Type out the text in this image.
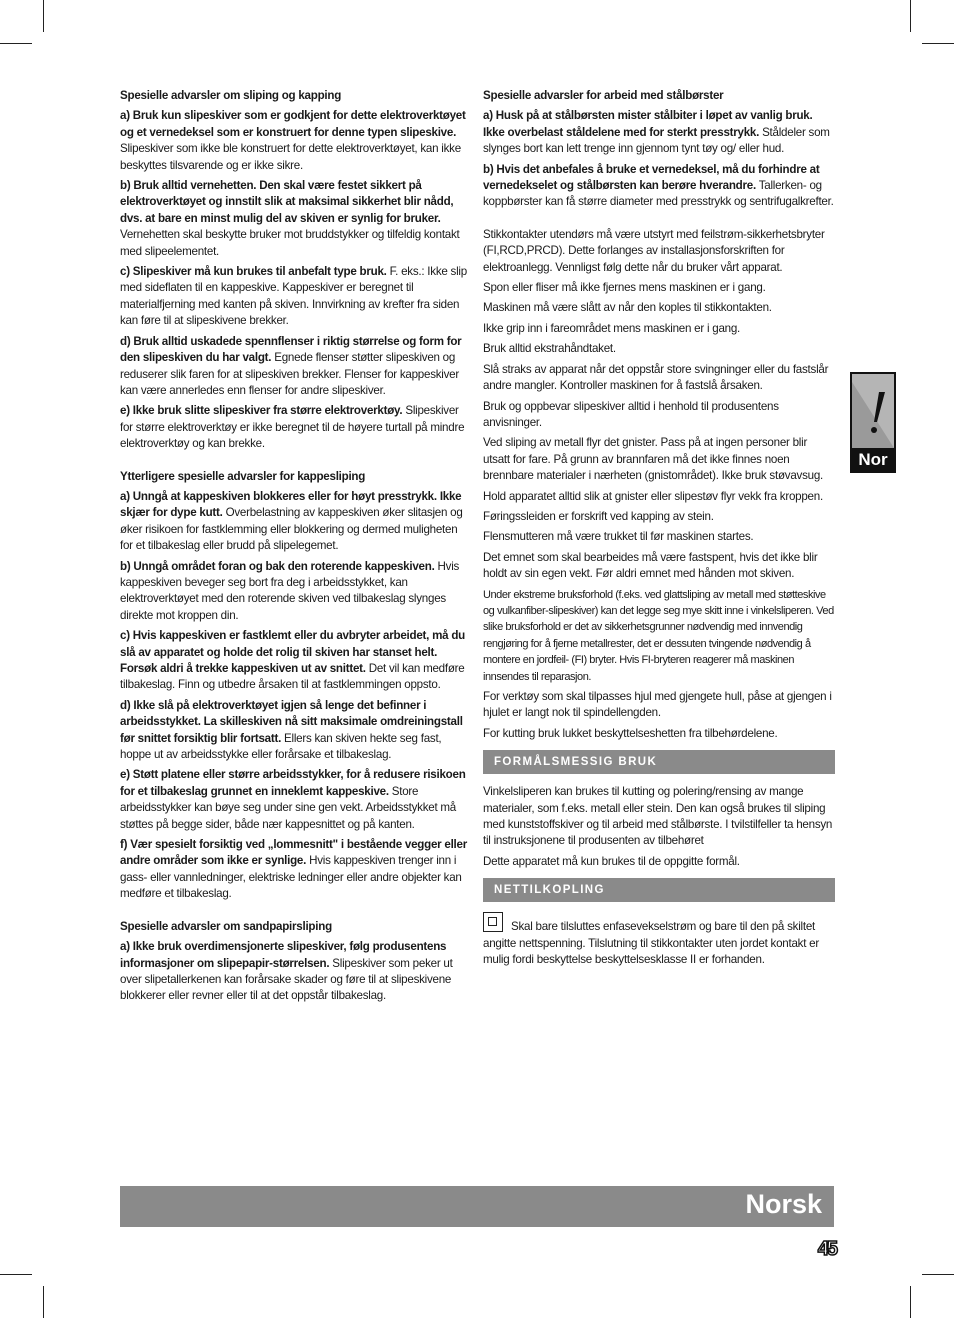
Spesielle advarsler om sliping og kapping

a) Bruk kun slipeskiver som er godkjent for dette elektroverktøyet og et vernedeksel som er konstruert for denne typen slipeskive. Slipeskiver som ikke ble konstruert for dette elektroverktøyet, kan ikke beskyttes tilsvarende og er ikke sikre.

b) Bruk alltid vernehetten. Den skal være festet sikkert på elektroverktøyet og innstilt slik at maksimal sikkerhet blir nådd, dvs. at bare en minst mulig del av skiven er synlig for bruker. Vernehetten skal beskytte bruker mot bruddstykker og tilfeldig kontakt med slipeelementet.

c) Slipeskiver må kun brukes til anbefalt type bruk. F. eks.: Ikke slip med sideflaten til en kappeskive. Kappeskiver er beregnet til materialfjerning med kanten på skiven. Innvirkning av krefter fra siden kan føre til at slipeskivene brekker.

d) Bruk alltid uskadede spennflenser i riktig størrelse og form for den slipeskiven du har valgt. Egnede flenser støtter slipeskiven og reduserer slik faren for at slipeskiven brekker. Flenser for kappeskiver kan være annerledes enn flenser for andre slipeskiver.

e) Ikke bruk slitte slipeskiver fra større elektroverktøy. Slipeskiver for større elektroverktøy er ikke beregnet til de høyere turtall på mindre elektroverktøy og kan brekke.

Ytterligere spesielle advarsler for kappesliping

a) Unngå at kappeskiven blokkeres eller for høyt presstrykk. Ikke skjær for dype kutt. Overbelastning av kappeskiven øker slitasjen og øker risikoen for fastklemming eller blokkering og dermed muligheten for et tilbakeslag eller brudd på slipelegemet.

b) Unngå området foran og bak den roterende kappeskiven. Hvis kappeskiven beveger seg bort fra deg i arbeidsstykket, kan elektroverktøyet med den roterende skiven ved tilbakeslag slynges direkte mot kroppen din.

c) Hvis kappeskiven er fastklemt eller du avbryter arbeidet, må du slå av apparatet og holde det rolig til skiven har stanset helt. Forsøk aldri å trekke kappeskiven ut av snittet. Det vil kan medføre tilbakeslag. Finn og utbedre årsaken til at fastklemmingen oppsto.

d) Ikke slå på elektroverktøyet igjen så lenge det befinner i arbeidsstykket. La skilleskiven nå sitt maksimale omdreiningstall før snittet forsiktig blir fortsatt. Ellers kan skiven hekte seg fast, hoppe ut av arbeidsstykke eller forårsake et tilbakeslag.

e) Støtt platene eller større arbeidsstykker, for å redusere risikoen for et tilbakeslag grunnet en inneklemt kappeskive. Store arbeidsstykker kan bøye seg under sine gen vekt. Arbeidsstykket må støttes på begge sider, både nær kappesnittet og på kanten.

f) Vær spesielt forsiktig ved „lommesnitt" i bestående vegger eller andre områder som ikke er synlige. Hvis kappeskiven trenger inn i gass- eller vannledninger, elektriske ledninger eller andre objekter kan medføre et tilbakeslag.

Spesielle advarsler om sandpapirsliping

a) Ikke bruk overdimensjonerte slipeskiver, følg produsentens informasjoner om slipepapir-størrelsen. Slipeskiver som peker ut over slipetallerkenen kan forårsake skader og føre til at slipeskivene blokkerer eller revner eller til at det oppstår tilbakeslag.

Spesielle advarsler for arbeid med stålbørster

a) Husk på at stålbørsten mister stålbiter i løpet av vanlig bruk. Ikke overbelast ståldelene med for sterkt presstrykk. Ståldeler som slynges bort kan lett trenge inn gjennom tynt tøy og/ eller hud.

b) Hvis det anbefales å bruke et vernedeksel, må du forhindre at vernedekselet og stålbørsten kan berøre hverandre. Tallerken- og koppbørster kan få større diameter med presstrykk og sentrifugalkrefter.

Stikkontakter utendørs må være utstyrt med feilstrøm-sikkerhetsbryter (FI,RCD,PRCD). Dette forlanges av installasjonsforskriften for elektroanlegg. Vennligst følg dette når du bruker vårt apparat.

Spon eller fliser må ikke fjernes mens maskinen er i gang.

Maskinen må være slått av når den koples til stikkontakten.

Ikke grip inn i fareområdet mens maskinen er i gang.

Bruk alltid ekstrahåndtaket.

Slå straks av apparat når det oppstår store svingninger eller du fastslår andre mangler. Kontroller maskinen for å fastslå årsaken.

Bruk og oppbevar slipeskiver alltid i henhold til produsentens anvisninger.

Ved sliping av metall flyr det gnister. Pass på at ingen personer blir utsatt for fare. På grunn av brannfaren må det ikke finnes noen brennbare materialer i nærheten (gnistområdet). Ikke bruk støvavsug.

Hold apparatet alltid slik at gnister eller slipestøv flyr vekk fra kroppen.

Føringssleiden er forskrift ved kapping av stein.

Flensmutteren må være trukket til før maskinen startes.

Det emnet som skal bearbeides må være fastspent, hvis det ikke blir holdt av sin egen vekt. Før aldri emnet med hånden mot skiven.

Under ekstreme bruksforhold (f.eks. ved glattsliping av metall med støtteskive og vulkanfiber-slipeskiver) kan det legge seg mye skitt inne i vinkelsliperen. Ved slike bruksforhold er det av sikkerhetsgrunner nødvendig med innvendig rengjøring for å fjerne metallrester, det er dessuten tvingende nødvendig å montere en jordfeil- (FI) bryter. Hvis FI-bryteren reagerer må maskinen innsendes til reparasjon.

For verktøy som skal tilpasses hjul med gjengete hull, påse at gjengen i hjulet er langt nok til spindellengden.

For kutting bruk lukket beskyttelseshetten fra tilbehørdelene.

FORMÅLSMESSIG BRUK

Vinkelsliperen kan brukes til kutting og polering/rensing av mange materialer, som f.eks. metall eller stein. Den kan også brukes til sliping med kunststoffskiver og til arbeid med stålbørste. I tvilstilfeller ta hensyn til instruksjonene til produsenten av tilbehøret

Dette apparatet må kun brukes til de oppgitte formål.

NETTILKOPLING

Skal bare tilsluttes enfasevekselstrøm og bare til den på skiltet angitte nettspenning. Tilslutning til stikkontakter uten jordet kontakt er mulig fordi beskyttelse beskyttelsesklasse II er forhanden.

Nor
Norsk
45
